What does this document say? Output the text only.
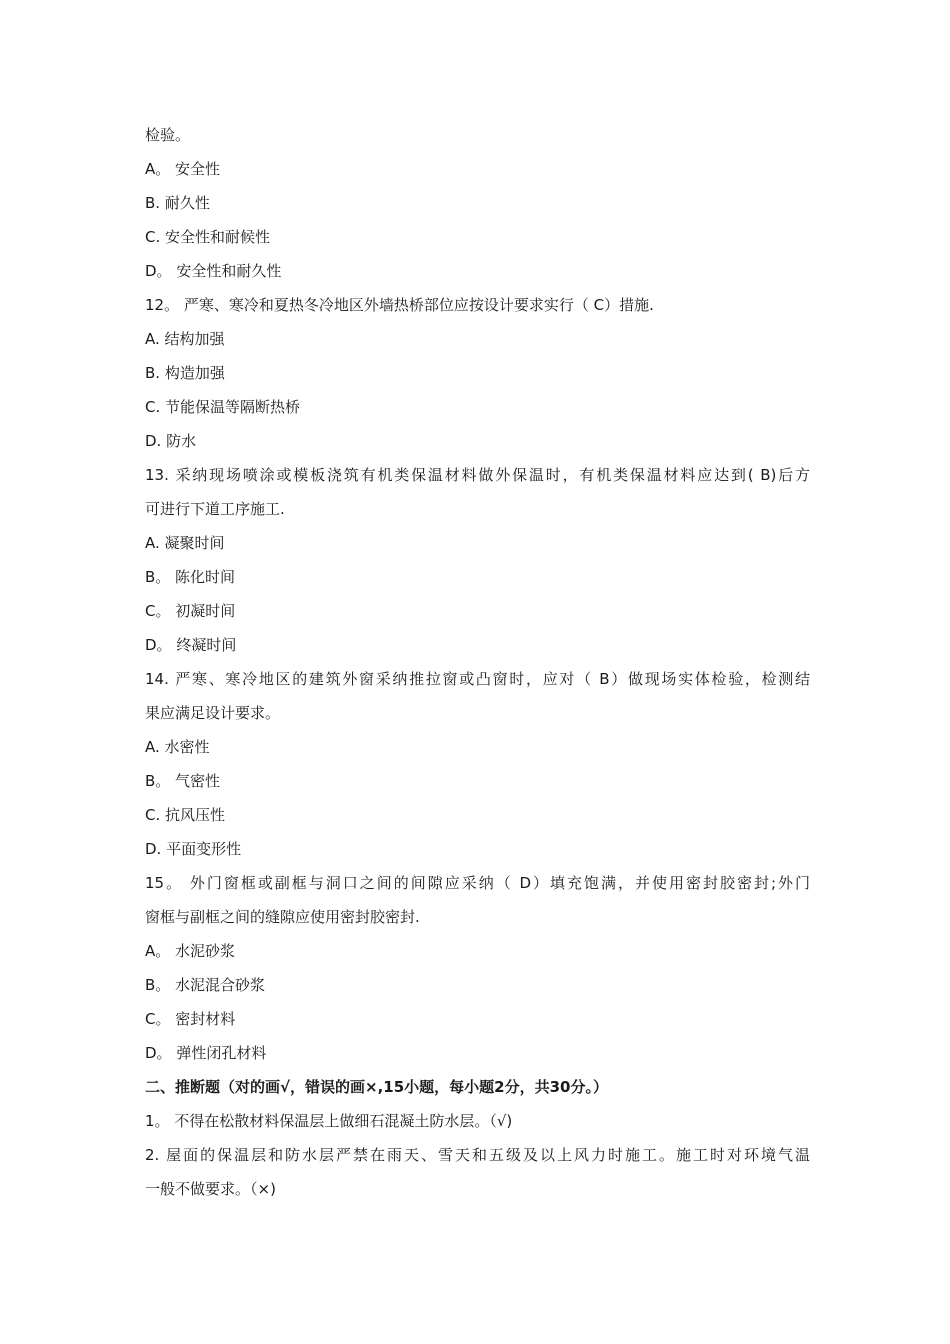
检验。
A。 安全性
B. 耐久性
C. 安全性和耐候性
D。 安全性和耐久性
12。 严寒、寒冷和夏热冬冷地区外墙热桥部位应按设计要求实行（ C）措施.
A. 结构加强
B. 构造加强
C. 节能保温等隔断热桥
D. 防水
13. 采纳现场喷涂或模板浇筑有机类保温材料做外保温时，有机类保温材料应达到( B)后方
可进行下道工序施工.
A. 凝聚时间
B。 陈化时间
C。 初凝时间
D。 终凝时间
14. 严寒、寒冷地区的建筑外窗采纳推拉窗或凸窗时，应对（ B）做现场实体检验，检测结
果应满足设计要求。
A. 水密性
B。 气密性
C. 抗风压性
D. 平面变形性
15。 外门窗框或副框与洞口之间的间隙应采纳（ D）填充饱满，并使用密封胶密封;外门
窗框与副框之间的缝隙应使用密封胶密封.
A。 水泥砂浆
B。 水泥混合砂浆
C。 密封材料
D。 弹性闭孔材料
二、推断题（对的画√，错误的画×,15小题，每小题2分，共30分。）
1。 不得在松散材料保温层上做细石混凝土防水层。（√)
2. 屋面的保温层和防水层严禁在雨天、雪天和五级及以上风力时施工。施工时对环境气温
一般不做要求。（×)
